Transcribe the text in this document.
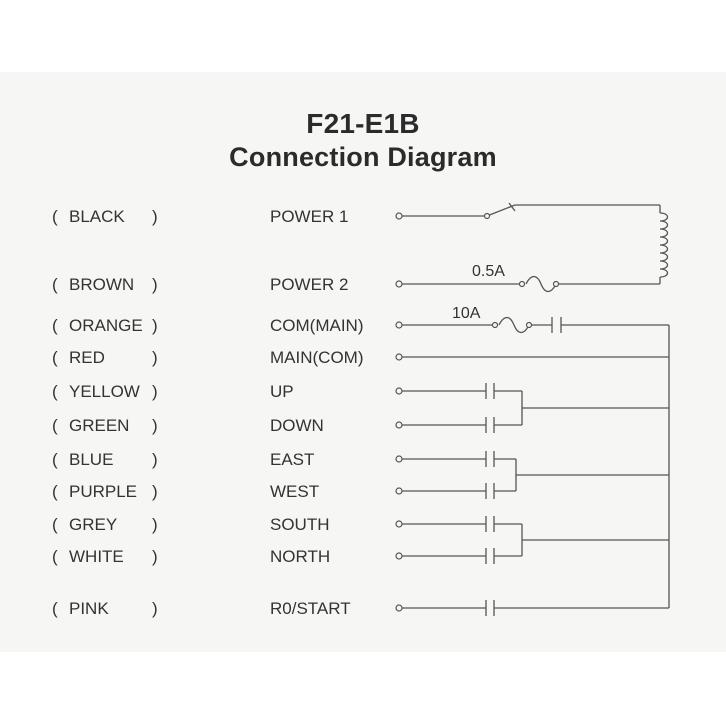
F21-E1B
Connection Diagram
( BLACK )	POWER 1
( BROWN )	POWER 2
( ORANGE )	COM(MAIN)
( RED	)	MAIN(COM)
( YELLOW )	UP
( GREEN )	DOWN
( BLUE )	EAST
( PURPLE )	WEST
( GREY )	SOUTH
( WHITE )	NORTH
( PINK	)	R0/START
0.5A
10A
